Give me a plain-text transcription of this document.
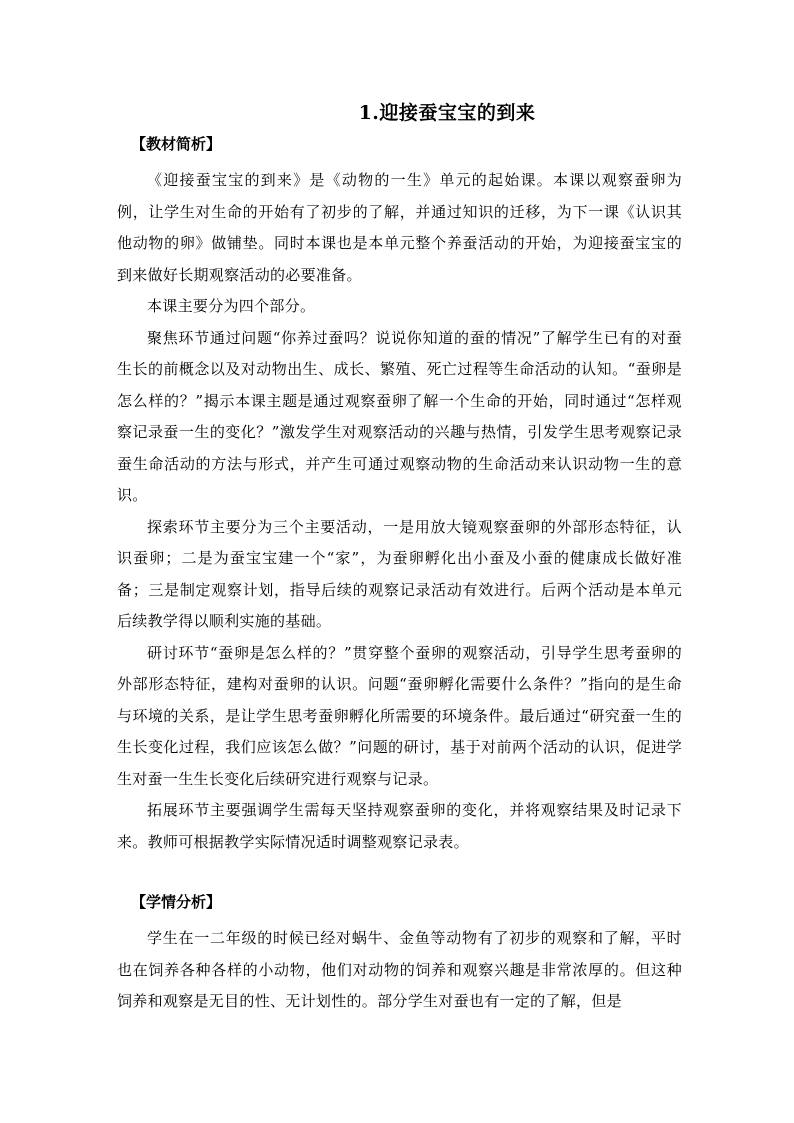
1.迎接蚕宝宝的到来
【教材简析】

《迎接蚕宝宝的到来》是《动物的一生》单元的起始课。本课以观察蚕卵为例，让学生对生命的开始有了初步的了解，并通过知识的迁移，为下一课《认识其他动物的卵》做铺垫。同时本课也是本单元整个养蚕活动的开始，为迎接蚕宝宝的到来做好长期观察活动的必要准备。

本课主要分为四个部分。

聚焦环节通过问题“你养过蚕吗？说说你知道的蚕的情况”了解学生已有的对蚕生长的前概念以及对动物出生、成长、繁殖、死亡过程等生命活动的认知。“蚕卵是怎么样的？”揭示本课主题是通过观察蚕卵了解一个生命的开始，同时通过“怎样观察记录蚕一生的变化？”激发学生对观察活动的兴趣与热情，引发学生思考观察记录蚕生命活动的方法与形式，并产生可通过观察动物的生命活动来认识动物一生的意识。

探索环节主要分为三个主要活动，一是用放大镜观察蚕卵的外部形态特征，认识蚕卵；二是为蚕宝宝建一个“家”，为蚕卵孵化出小蚕及小蚕的健康成长做好准备；三是制定观察计划，指导后续的观察记录活动有效进行。后两个活动是本单元后续教学得以顺利实施的基础。

研讨环节“蚕卵是怎么样的？”贯穿整个蚕卵的观察活动，引导学生思考蚕卵的外部形态特征，建构对蚕卵的认识。问题“蚕卵孵化需要什么条件？”指向的是生命与环境的关系，是让学生思考蚕卵孵化所需要的环境条件。最后通过“研究蚕一生的生长变化过程，我们应该怎么做？”问题的研讨，基于对前两个活动的认识，促进学生对蚕一生生长变化后续研究进行观察与记录。

拓展环节主要强调学生需每天坚持观察蚕卵的变化，并将观察结果及时记录下来。教师可根据教学实际情况适时调整观察记录表。

【学情分析】

学生在一二年级的时候已经对蜗牛、金鱼等动物有了初步的观察和了解，平时也在饲养各种各样的小动物，他们对动物的饲养和观察兴趣是非常浓厚的。但这种饲养和观察是无目的性、无计划性的。部分学生对蚕也有一定的了解，但是
